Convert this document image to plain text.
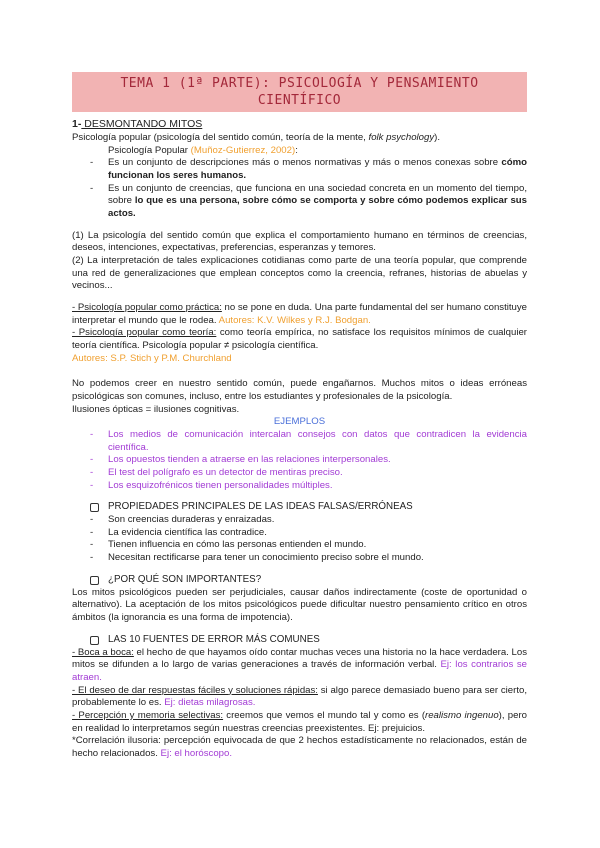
TEMA 1 (1ª PARTE): PSICOLOGÍA Y PENSAMIENTO CIENTÍFICO
1- DESMONTANDO MITOS

Psicología popular (psicología del sentido común, teoría de la mente, folk psychology).

Psicología Popular (Muñoz-Gutierrez, 2002):

- Es un conjunto de descripciones más o menos normativas y más o menos conexas sobre cómo funcionan los seres humanos.
- Es un conjunto de creencias, que funciona en una sociedad concreta en un momento del tiempo, sobre lo que es una persona, sobre cómo se comporta y sobre cómo podemos explicar sus actos.

(1) La psicología del sentido común que explica el comportamiento humano en términos de creencias, deseos, intenciones, expectativas, preferencias, esperanzas y temores.

(2) La interpretación de tales explicaciones cotidianas como parte de una teoría popular, que comprende una red de generalizaciones que emplean conceptos como la creencia, refranes, historias de abuelas y vecinos...

- Psicología popular como práctica: no se pone en duda. Una parte fundamental del ser humano constituye interpretar el mundo que le rodea. Autores: K.V. Wilkes y R.J. Bodgan.

- Psicología popular como teoría: como teoría empírica, no satisface los requisitos mínimos de cualquier teoría científica. Psicología popular ≠ psicología científica.

Autores: S.P. Stich y P.M. Churchland

No podemos creer en nuestro sentido común, puede engañarnos. Muchos mitos o ideas erróneas psicológicas son comunes, incluso, entre los estudiantes y profesionales de la psicología.

Ilusiones ópticas = ilusiones cognitivas.

EJEMPLOS
- Los medios de comunicación intercalan consejos con datos que contradicen la evidencia científica.
- Los opuestos tienden a atraerse en las relaciones interpersonales.
- El test del polígrafo es un detector de mentiras preciso.
- Los esquizofrénicos tienen personalidades múltiples.
PROPIEDADES PRINCIPALES DE LAS IDEAS FALSAS/ERRÓNEAS
- Son creencias duraderas y enraizadas.
- La evidencia científica las contradice.
- Tienen influencia en cómo las personas entienden el mundo.
- Necesitan rectificarse para tener un conocimiento preciso sobre el mundo.
¿POR QUÉ SON IMPORTANTES?

Los mitos psicológicos pueden ser perjudiciales, causar daños indirectamente (coste de oportunidad o alternativo). La aceptación de los mitos psicológicos puede dificultar nuestro pensamiento crítico en otros ámbitos (la ignorancia es una forma de impotencia).

LAS 10 FUENTES DE ERROR MÁS COMUNES

- Boca a boca: el hecho de que hayamos oído contar muchas veces una historia no la hace verdadera. Los mitos se difunden a lo largo de varias generaciones a través de información verbal. Ej: los contrarios se atraen.

- El deseo de dar respuestas fáciles y soluciones rápidas: si algo parece demasiado bueno para ser cierto, probablemente lo es. Ej: dietas milagrosas.

- Percepción y memoria selectivas: creemos que vemos el mundo tal y como es (realismo ingenuo), pero en realidad lo interpretamos según nuestras creencias preexistentes. Ej: prejuicios.

*Correlación ilusoria: percepción equivocada de que 2 hechos estadísticamente no relacionados, están de hecho relacionados. Ej: el horóscopo.
